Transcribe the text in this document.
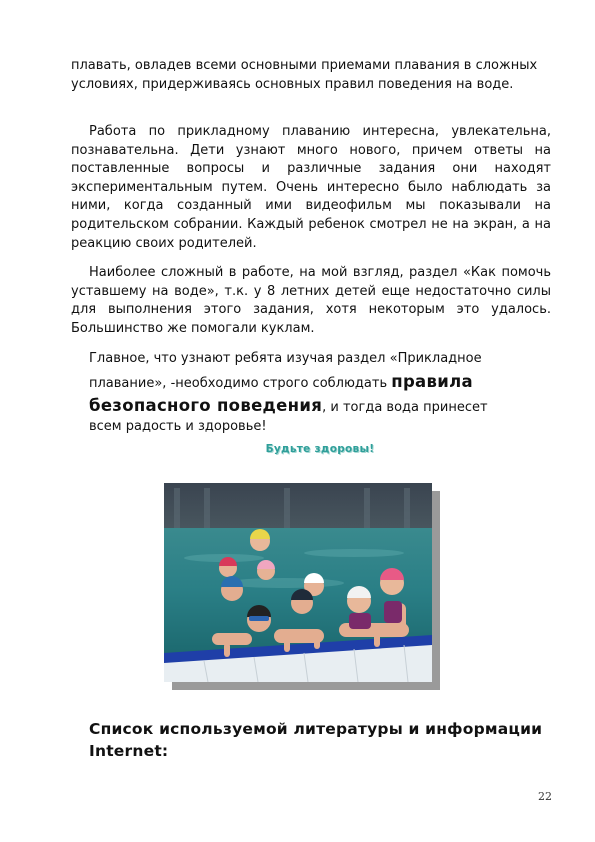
плавать, овладев всеми основными приемами плавания в сложных условиях, придерживаясь основных правил поведения на воде.

Работа по прикладному плаванию интересна, увлекательна, познавательна. Дети узнают много нового, причем ответы на поставленные вопросы и различные задания они находят экспериментальным путем. Очень интересно было наблюдать за ними, когда созданный ими видеофильм мы показывали на родительском собрании. Каждый ребенок смотрел не на экран, а на реакцию своих родителей.

Наиболее сложный в работе, на мой взгляд, раздел «Как помочь уставшему на воде», т.к. у 8 летних детей еще недостаточно силы для выполнения этого задания, хотя некоторым это удалось. Большинство же помогали куклам.

Главное, что узнают ребята изучая раздел «Прикладное
плавание», -необходимо строго соблюдать правила
безопасного поведения, и тогда вода принесет
всем радость и здоровье!
Будьте здоровы!
Список используемой литературы и информации Internet:
22
